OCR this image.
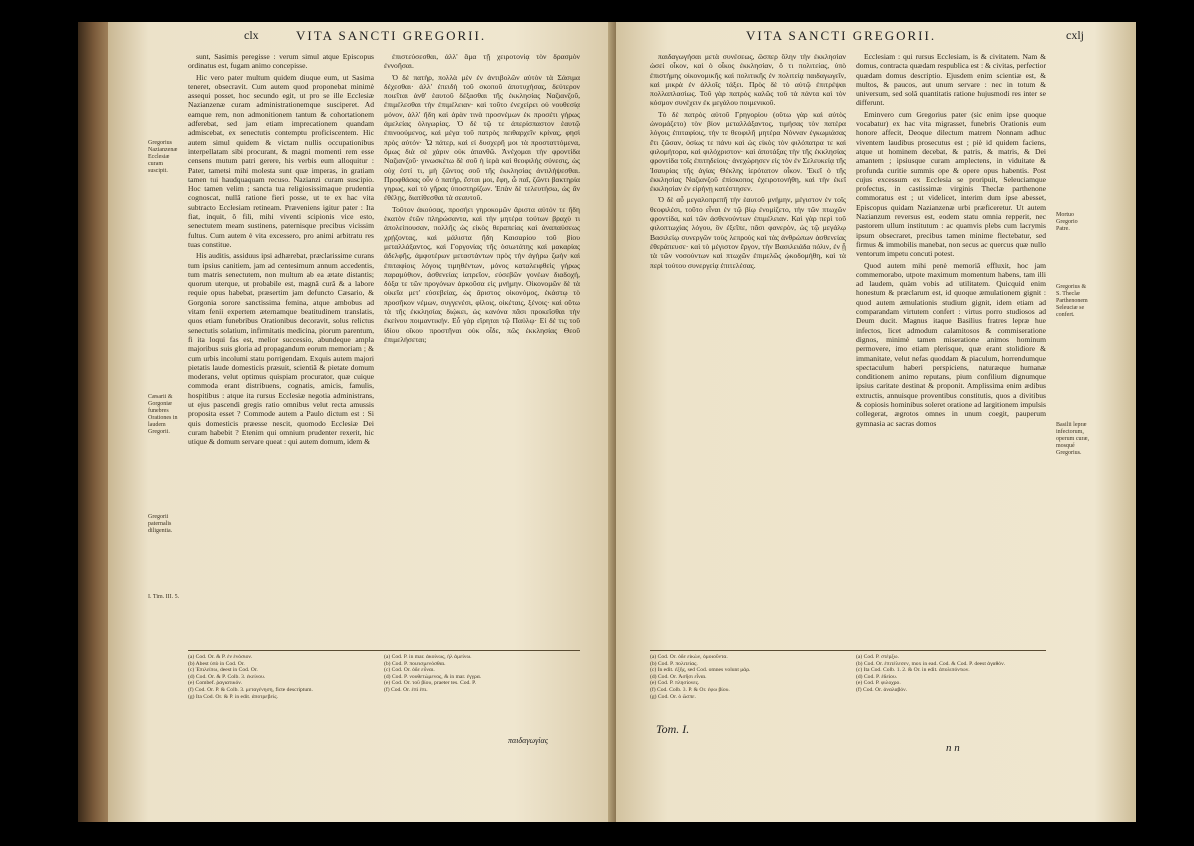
clx	VITA SANCTI GREGORII.

sunt, Sasimis peregisse : verum simul atque Episcopus ordinatus est, fugam animo concepisse.

Hic vero pater multum quidem diuque eum, ut Sasima teneret, obsecravit. Cum autem quod proponebat minimè assequi posset, hoc secundo egit, ut pro se ille Ecclesiæ Nazianzenæ curam administrationemque susciperet. Ad eamque rem, non admonitionem tantum & cohortationem adferebat, sed jam etiam imprecationem quandam admiscebat, ex senectutis contemptu proficiscentem. Hic autem simul quidem & victam nullis occupationibus interpellatam sibi procurant, & magni momenti rem esse censens mutum patri gerere, his verbis eum alloquitur : Pater, tametsi mihi molesta sunt quæ imperas, in gratiam tamen tui haudquaquam recuso. Nazianzi curam suscipio. Hoc tamen velim ; sancta tua religiosissimaque prudentia cognoscat, nullâ ratione fieri posse, ut te ex hac vita subtracto Ecclesiam retineam. Præveniens igitur pater : Ita fiat, inquit, ô fili, mihi viventi scipionis vice esto, senectutem meam sustinens, paternisque precibus vicissim fultus. Cum autem è vita excessero, pro animi arbitratu res tuas constitue.

His auditis, assiduus ipsi adhærebat, præclarissime curans tum ipsius canitiem, jam ad centesimum annum accedentis, tum matris senectutem, non multum ab ea ætate distantis; quorum uterque, ut probabile est, magnâ curâ & a labore requie opus habebat, præsertim jam defuncto Cæsario, & Gorgonia sorore sanctissima femina, atque ambobus ad vitam fenii expertem æternamque beatitudinem translatis, quos etiam funebribus Orationibus decoravit, solus relictus senectutis solatium, infirmitatis medicina, piorum parentum, fi ita loqui fas est, melior successio, abundeque ampla majoribus suis gloria ad propagandum eorum memoriam ; & cum urbis incolumi statu porrigendam. Exquis autem majori pietatis laude domesticis præsuit, scientiâ & pietate domum moderans, velut optimus quispiam procurator, quæ cuique commoda erant distribuens, cognatis, amicis, famulis, hospitibus : atque ita rursus Ecclesiæ negotia administrans, ut ejus pascendi gregis ratio omnibus velut recta amussis proposita esset ? Commode autem a Paulo dictum est : Si quis domesticis præesse nescit, quomodo Ecclesiæ Dei curam habebit ? Etenim qui omnium prudenter rexerit, hic utique & domum servare queat : qui autem domum, idem &

Gregorius Nazianzenæ Ecclesiæ curam suscipit.
Cæsarii & Gorgoniæ funebres Orationes in laudem Gregorii.
Gregorii paternalis diligentia.
I. Tim. III. 5.

ἐπιστεύσεσθαι, ἀλλ' ἅμα τῇ χειροτονίᾳ τὸν δρασμὸν ἐννοῆσαι.

Ὁ δὲ πατὴρ, πολλὰ μὲν ἐν ἀντιβολῶν αὐτὸν τὰ Σάσιμα δέχεσθαι· ἀλλ' ἐπειδὴ τοῦ σκοποῦ ἀποτυχήσας, δεύτερον ποιεῖται ἀνθ' ἑαυτοῦ δέξασθαι τῆς ἐκκλησίας Ναζιανζοῦ, ἐπιμέλεσθαι τὴν ἐπιμέλειαν· καὶ τοῦτο ἐνεχείρει οὐ νουθεσίᾳ μόνον, ἀλλ' ἤδη καὶ ἀρὰν τινὰ προσνέμων ἐκ προσέτι γήρως ἀμελείας ὀλιγωρίας. Ὁ δὲ τῷ τε ἀπερίσπαστον ἑαυτῷ ἐπινοούμενος, καὶ μέγα τοῦ πατρὸς πειθαρχεῖν κρίνας, φησὶ πρὸς αὐτόν· Ὦ πάτερ, καὶ εἰ δυσχερῆ μοι τὰ προσταττόμενα, ὅμως διὰ σὲ χάριν οὐκ ἀπανθῶ. Ἀνέχομαι τὴν φροντίδα Ναζιανζοῦ· γινωσκέτω δὲ σοῦ ἡ ἱερὰ καὶ θεοφιλὴς σύνεσις, ὡς οὐχ ἐστί τι, μὴ ζῶντος σοῦ τῆς ἐκκλησίας ἀντιλήψεσθαι. Προφθάσας οὖν ὁ πατήρ, ἔσται μοι, ἔφη, ὦ παῖ, ζῶντι βακτηρία γηρως, καὶ τὸ γῆρας ὑποστηρίζων. Ἐπὰν δὲ τελευτήσω, ὡς ἂν ἐθέλῃς, διατίθεσθαι τὰ σεαυτοῦ.

Τοῦτον ἀκούσας, προσήει γηροκομῶν ἄριστα αὐτόν τε ἤδη ἑκατὸν ἐτῶν πληρώσαντα, καὶ τὴν μητέρα τούτων βραχὺ τι ἀπολείπουσαν, πολλῆς ὡς εἰκὸς θεραπείας καὶ ἀναπαύσεως χρῄζοντας, καὶ μάλιστα ἤδη Καισαρίου τοῦ βίου μεταλλάξαντος, καὶ Γοργονίας τῆς ὁσιωτάτης καὶ μακαρίας ἀδελφῆς, ἀμφοτέρων μεταστάντων πρὸς τὴν ἀγήρω ζωὴν καὶ ἐπιταφίοις λόγοις τιμηθέντων, μόνος καταλειφθεὶς γήρως παραμύθιον, ἀσθενείας ἰατρεῖον, εὐσεβῶν γονέων διαδοχή, δόξα τε τῶν προγόνων ἀρκοῦσα εἰς μνήμην. Οἰκονομῶν δὲ τὰ οἰκεῖα μετ' εὐσεβείας, ὡς ἄριστος οἰκονόμος, ἑκάστῳ τὸ προσῆκον νέμων, συγγενέσι, φίλοις, οἰκέταις, ξένοις· καὶ οὕτω τὰ τῆς ἐκκλησίας διῴκει, ὡς κανόνα πᾶσι προκεῖσθαι τὴν ἐκείνου ποιμαντικήν. Εὖ γὰρ εἴρηται τῷ Παύλῳ· Εἰ δέ τις τοῦ ἰδίου οἴκου προστῆναι οὐκ οἶδε, πῶς ἐκκλησίας Θεοῦ ἐπιμελήσεται;

(a) Cod. Or. & P. ἐν ἐνόσιον.
(b) Abest ὑπὸ in Cod. Or.
(c) Ἐπιλείπω, deest in Cod. Or.
(d) Cod. Or. & P. Colb. 3. ἐκείνου.
(e) Combef. ῥαγιατικόν.
(f) Cod. Or. P. & Colb. 3. μεταγένηση, ficte descriptum.
(g) Ita Cod. Or. & P. in edit. ἀποτρεβείς.
(a) Cod. P. in mar. ἀκοίνως, ἠλ ἀμείνω.
(b) Cod. P. ποιεισμενόσθαι.
(c) Cod. Or. ὁδε εὖναι.
(d) Cod. P. νουθετώμενος, & in mar. ἐγγρα.
(e) Cod. Or. τοῦ βίου, praeter tes. Cod. P.
(f) Cod. Or. ἐπὶ ἑπι.
παιδαγωγίας
VITA SANCTI GREGORII.	cxlj

παιδαγωγήσαι μετὰ συνέσεως, ὥσπερ ὅλην τὴν ἐκκλησίαν ὡσεί οἶκον, καὶ ὁ οἶκος ἐκκλησίαν, ὅ τι πολιτείας, ὑπὸ ἐπιστήμης οἰκονομικῆς καὶ πολιτικῆς ἐν πολιτείᾳ παιδαγωγεῖν, καὶ μικρὰ ἐν ἀλλοῖς τάξει. Πρὸς δὲ τὸ αὐτῷ ἐπιτρέψαι πολλαπλασίως. Τοῦ γὰρ πατρὸς καλῶς τοῦ τὰ πάντα καὶ τὸν κόσμον συνέχειν ἐκ μεγάλου ποιμενικοῦ.

Τὸ δὲ πατρὸς αὐτοῦ Γρηγορίου (οὕτω γὰρ καὶ αὐτὸς ὠνομάζετο) τὸν βίον μεταλλάξαντος, τιμήσας τὸν πατέρα λόγοις ἐπιταφίοις, τὴν τε θεοφιλῆ μητέρα Νόνναν ἐγκωμιάσας ἔτι ζῶσαν, ὁσίως τε πάνυ καὶ ὡς εἰκὸς τὸν φιλόπατρα τε καὶ φιλομήτορα, καὶ φιλόχριστον· καὶ ἀποτάξας τὴν τῆς ἐκκλησίας φροντίδα τοῖς ἐπιτηδείοις· ἀνεχώρησεν εἰς τὸν ἐν Σελευκείᾳ τῆς Ἰσαυρίας τῆς ἁγίας Θέκλης ἱερότατον οἶκον. Ἐκεῖ ὁ τῆς ἐκκλησίας Ναζιανζοῦ ἐπίσκοπος ἐχειροτονήθη, καὶ τὴν ἐκεῖ ἐκκλησίαν ἐν εἰρήνῃ κατέστησεν.

Ὁ δὲ αὖ μεγαλοπρεπῆ τὴν ἑαυτοῦ μνήμην, μέγιστον ἐν τοῖς θεοφιλέσι, τοῦτο εἶναι ἐν τῷ βίῳ ἐνομίζετο, τὴν τῶν πτωχῶν φροντίδα, καὶ τῶν ἀσθενούντων ἐπιμέλειαν. Καὶ γὰρ περὶ τοῦ φιλοπτωχίας λόγου, ὃν ἐξεῖπε, πᾶσι φανερὸν, ὡς τῷ μεγάλῳ Βασιλείῳ συνεργῶν τοὺς λεπροὺς καὶ τὰς ἀνθρώπων ἀσθενείας ἐθεράπευσε· καὶ τὸ μέγιστον ἔργον, τὴν Βασιλειάδα πόλιν, ἐν ᾗ τὰ τῶν νοσούντων καὶ πτωχῶν ἐπιμελῶς ᾠκοδομήθη, καὶ τὰ περὶ τούτου συνεργείᾳ ἐπιτελέσας.

Ecclesiam : qui rursus Ecclesiam, is & civitatem. Nam & domus, contracta quædam respublica est : & civitas, perfectior quædam domus descriptio. Ejusdem enim scientiæ est, & multos, & paucos, aut unum servare : nec in totum & universum, sed solâ quantitatis ratione hujusmodi res inter se differunt.

Eminvero cum Gregorius pater (sic enim ipse quoque vocabatur) ex hac vita migrasset, funebris Orationis eum honore affecit, Deoque dilectum matrem Nonnam adhuc viventem laudibus prosecutus est ; piè id quidem faciens, atque ut hominem decebat, & patris, & matris, & Dei amantem ; ipsiusque curam amplectens, in viduitate & profunda curitie summis ope & opere opus habentis. Post cujus excessum ex Ecclesia se proripuit, Seleuciamque profectus, in castissimæ virginis Theclæ parthenone commoratus est ; ut videlicet, interim dum ipse abesset, Episcopus quidam Nazianzenæ urbi præficeretur. Ut autem Nazianzum reversus est, eodem statu omnia repperit, nec pastorem ullum institutum : ac quamvis plebs cum lacrymis ipsum obsecraret, precibus tamen minime flectebatur, sed firmus & immobilis manebat, non secus ac quercus quæ nullo ventorum impetu concuti potest.

Quod autem mihi penè memoriâ effluxit, hoc jam commemorabo, utpote maximum momentum habens, tam illi ad laudem, quàm vobis ad utilitatem. Quicquid enim honestum & præclarum est, id quoque æmulationem gignit : quod autem æmulationis studium gignit, idem etiam ad comparandam virtutem confert : virtus porro studiosos ad Deum ducit. Magnus itaque Basilius fratres lepræ hue infectos, licet admodum calamitosos & commiseratione dignos, minimè tamen miseratione animos hominum permovere, imo etiam plerisque, quæ erant stolidiore & immanitate, velut nefas quoddam & piaculum, horrendumque spectaculum haberi perspiciens, naturæque humanæ conditionem animo reputans, pium confilium dignumque ipsius caritate destinat & proponit. Amplissima enim ædibus extructis, annuisque proventibus constitutis, quos a divitibus & copiosis hominibus soleret oratione ad largitionem impulsis collegerat, ægrotos omnes in unum coegit, pauperum gymnasia ac sacras domos

Mortuo Gregorio Patre.
Gregorius & S. Theclæ Parthenonem Seleuciæ se confert.
Basilii lepræ infectorum, operum curæ, mosqué Gregorius.
(a) Cod. Or. ὁδε εἰκὼν, ὁμοιοῦντα.
(b) Cod. P. πολιτείας.
(c) In edit. ἐξῆς, sed Cod. omnes volunt μάρ.
(d) Cod. Or. Ἀσῆσι εἶναι.
(e) Cod. P. πλησίονες.
(f) Cod. Colb. 3. P. & Or. ἐφω βίου.
(g) Cod. Or. ὁ ὥσπε.
(a) Cod. P. στέρξω.
(b) Cod. Or. ἐπιτέλεσεν, mox in ead. Cod. & Cod. P. deest ἀγαθόν.
(c) Ita Cod. Colb. 1. 2. & Or. in edit. ἀπολιπόντων.
(d) Cod. P. ἐδείου.
(e) Cod. P. φιλοχρο.
(f) Cod. Or. ἀναλαβόν.
Tom. I.
n n
